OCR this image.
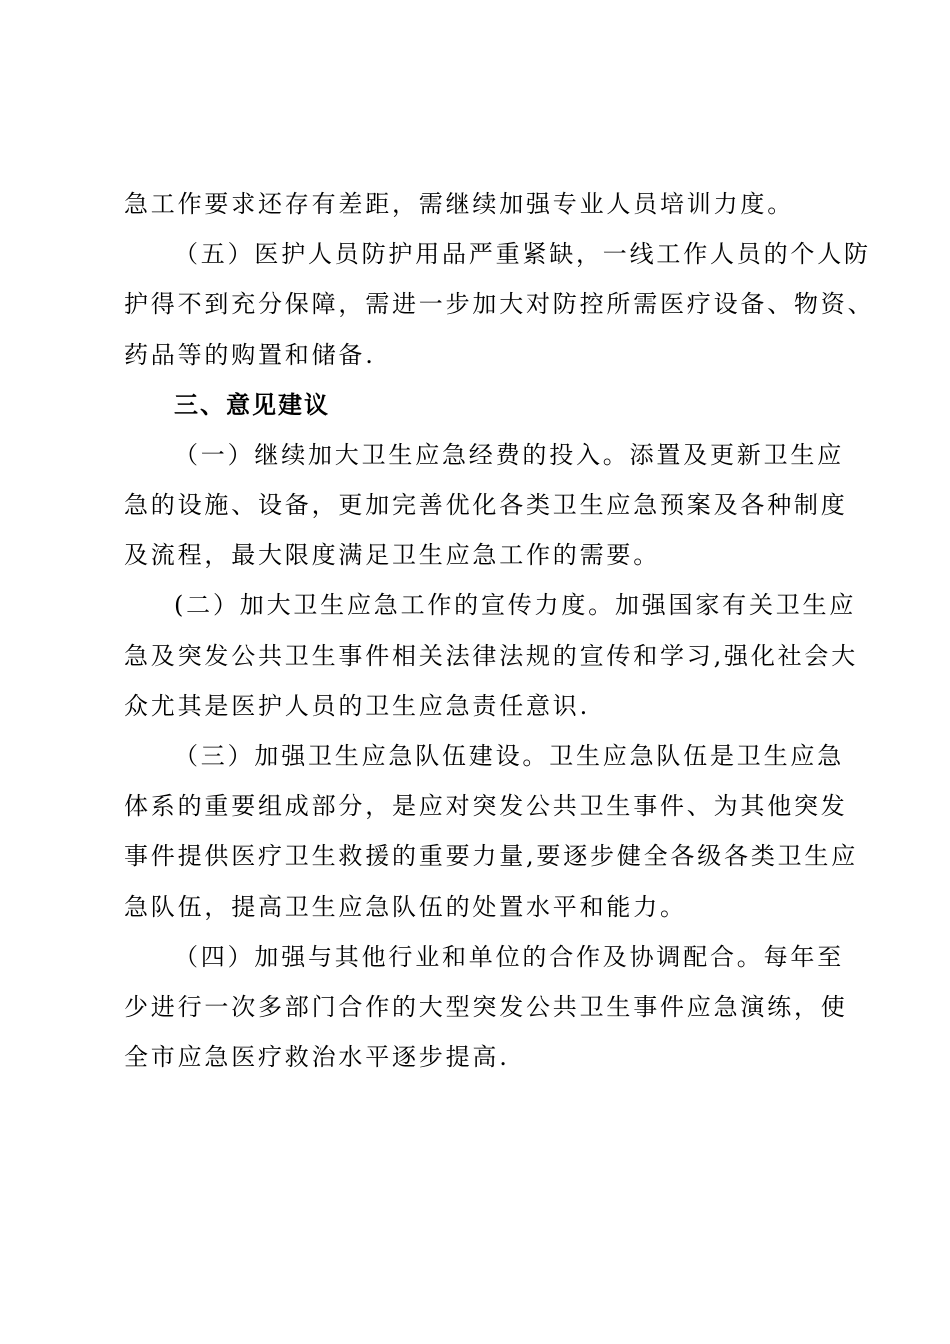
急工作要求还存有差距，需继续加强专业人员培训力度。
（五）医护人员防护用品严重紧缺，一线工作人员的个人防
护得不到充分保障，需进一步加大对防控所需医疗设备、物资、
药品等的购置和储备.
三、意见建议
（一）继续加大卫生应急经费的投入。添置及更新卫生应
急的设施、设备，更加完善优化各类卫生应急预案及各种制度
及流程，最大限度满足卫生应急工作的需要。
(二）加大卫生应急工作的宣传力度。加强国家有关卫生应
急及突发公共卫生事件相关法律法规的宣传和学习,强化社会大
众尤其是医护人员的卫生应急责任意识.
（三）加强卫生应急队伍建设。卫生应急队伍是卫生应急
体系的重要组成部分，是应对突发公共卫生事件、为其他突发
事件提供医疗卫生救援的重要力量,要逐步健全各级各类卫生应
急队伍，提高卫生应急队伍的处置水平和能力。
（四）加强与其他行业和单位的合作及协调配合。每年至
少进行一次多部门合作的大型突发公共卫生事件应急演练，使
全市应急医疗救治水平逐步提高.
